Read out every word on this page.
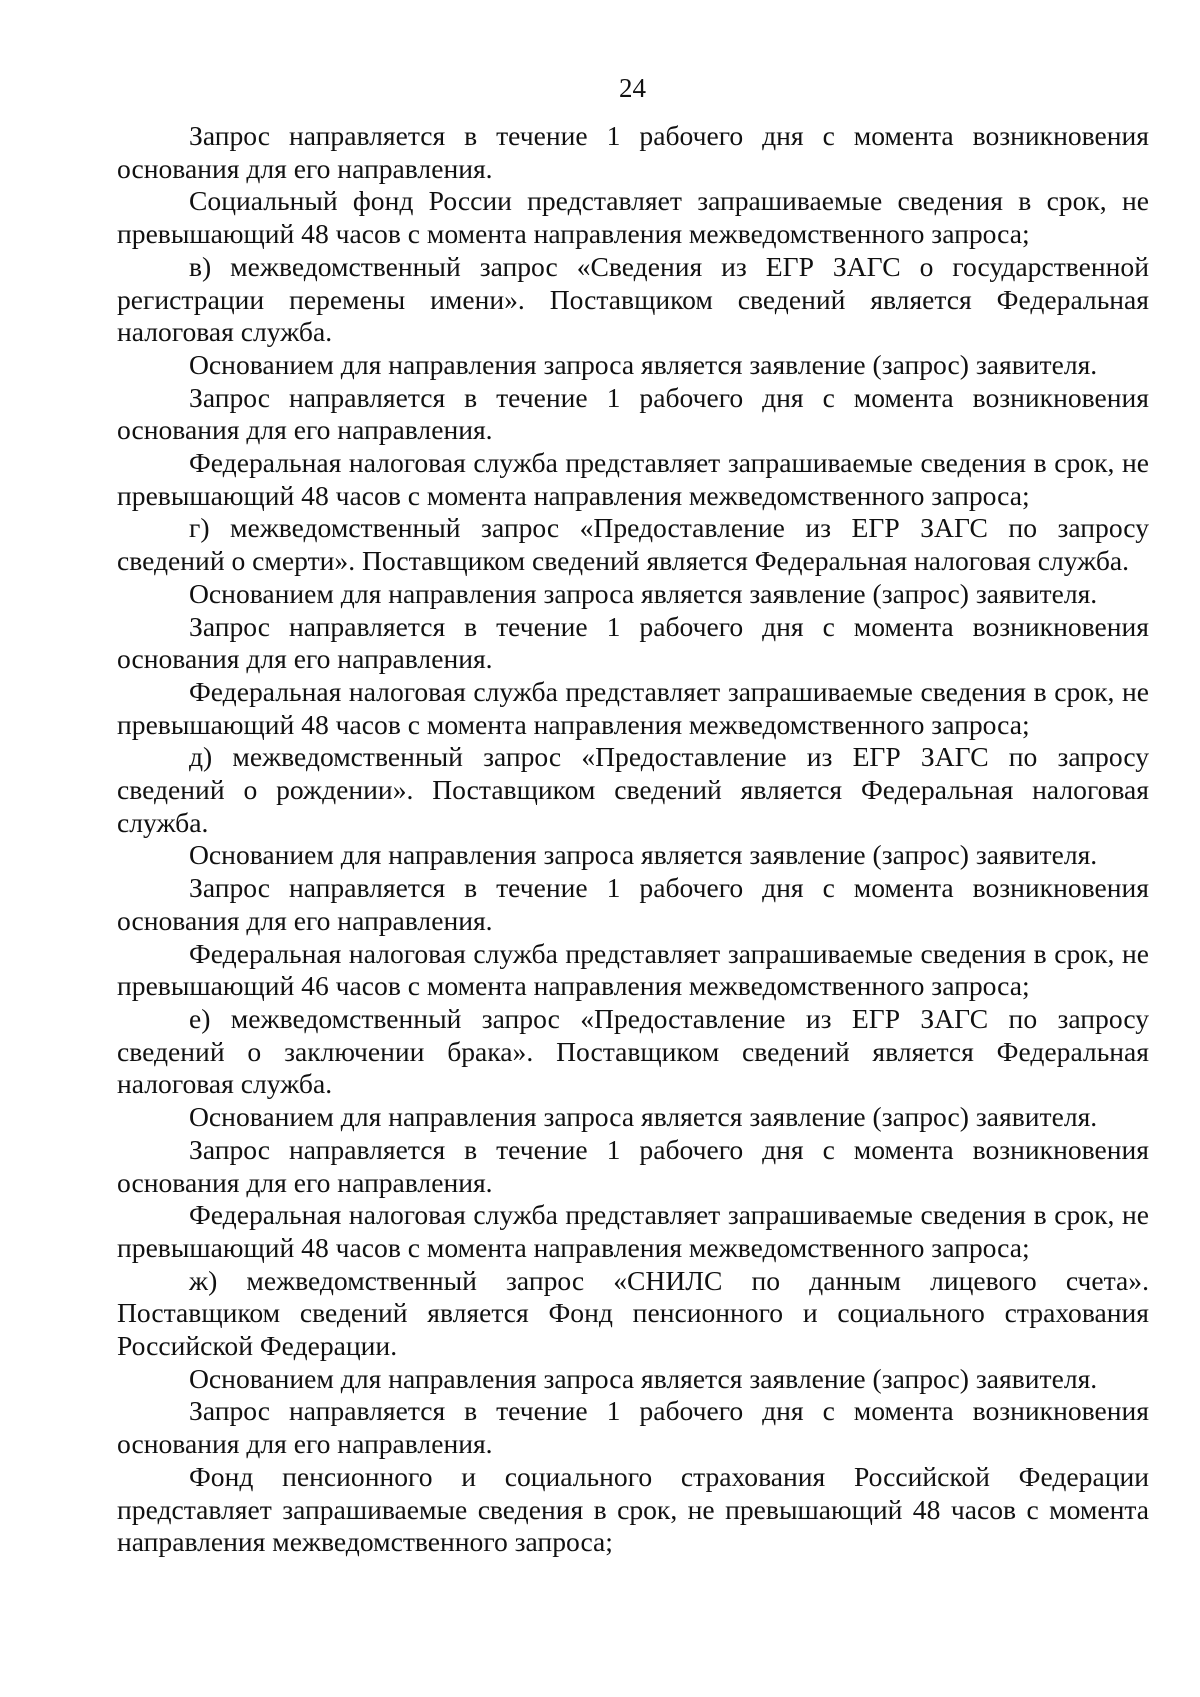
24

Запрос направляется в течение 1 рабочего дня с момента возникновения основания для его направления.

Социальный фонд России представляет запрашиваемые сведения в срок, не превышающий 48 часов с момента направления межведомственного запроса;

в) межведомственный запрос «Сведения из ЕГР ЗАГС о государственной регистрации перемены имени». Поставщиком сведений является Федеральная налоговая служба.

Основанием для направления запроса является заявление (запрос) заявителя.

Запрос направляется в течение 1 рабочего дня с момента возникновения основания для его направления.

Федеральная налоговая служба представляет запрашиваемые сведения в срок, не превышающий 48 часов с момента направления межведомственного запроса;

г) межведомственный запрос «Предоставление из ЕГР ЗАГС по запросу сведений о смерти». Поставщиком сведений является Федеральная налоговая служба.

Основанием для направления запроса является заявление (запрос) заявителя.

Запрос направляется в течение 1 рабочего дня с момента возникновения основания для его направления.

Федеральная налоговая служба представляет запрашиваемые сведения в срок, не превышающий 48 часов с момента направления межведомственного запроса;

д) межведомственный запрос «Предоставление из ЕГР ЗАГС по запросу сведений о рождении». Поставщиком сведений является Федеральная налоговая служба.

Основанием для направления запроса является заявление (запрос) заявителя.

Запрос направляется в течение 1 рабочего дня с момента возникновения основания для его направления.

Федеральная налоговая служба представляет запрашиваемые сведения в срок, не превышающий 46 часов с момента направления межведомственного запроса;

е) межведомственный запрос «Предоставление из ЕГР ЗАГС по запросу сведений о заключении брака». Поставщиком сведений является Федеральная налоговая служба.

Основанием для направления запроса является заявление (запрос) заявителя.

Запрос направляется в течение 1 рабочего дня с момента возникновения основания для его направления.

Федеральная налоговая служба представляет запрашиваемые сведения в срок, не превышающий 48 часов с момента направления межведомственного запроса;

ж) межведомственный запрос «СНИЛС по данным лицевого счета». Поставщиком сведений является Фонд пенсионного и социального страхования Российской Федерации.

Основанием для направления запроса является заявление (запрос) заявителя.

Запрос направляется в течение 1 рабочего дня с момента возникновения основания для его направления.

Фонд пенсионного и социального страхования Российской Федерации представляет запрашиваемые сведения в срок, не превышающий 48 часов с момента направления межведомственного запроса;
